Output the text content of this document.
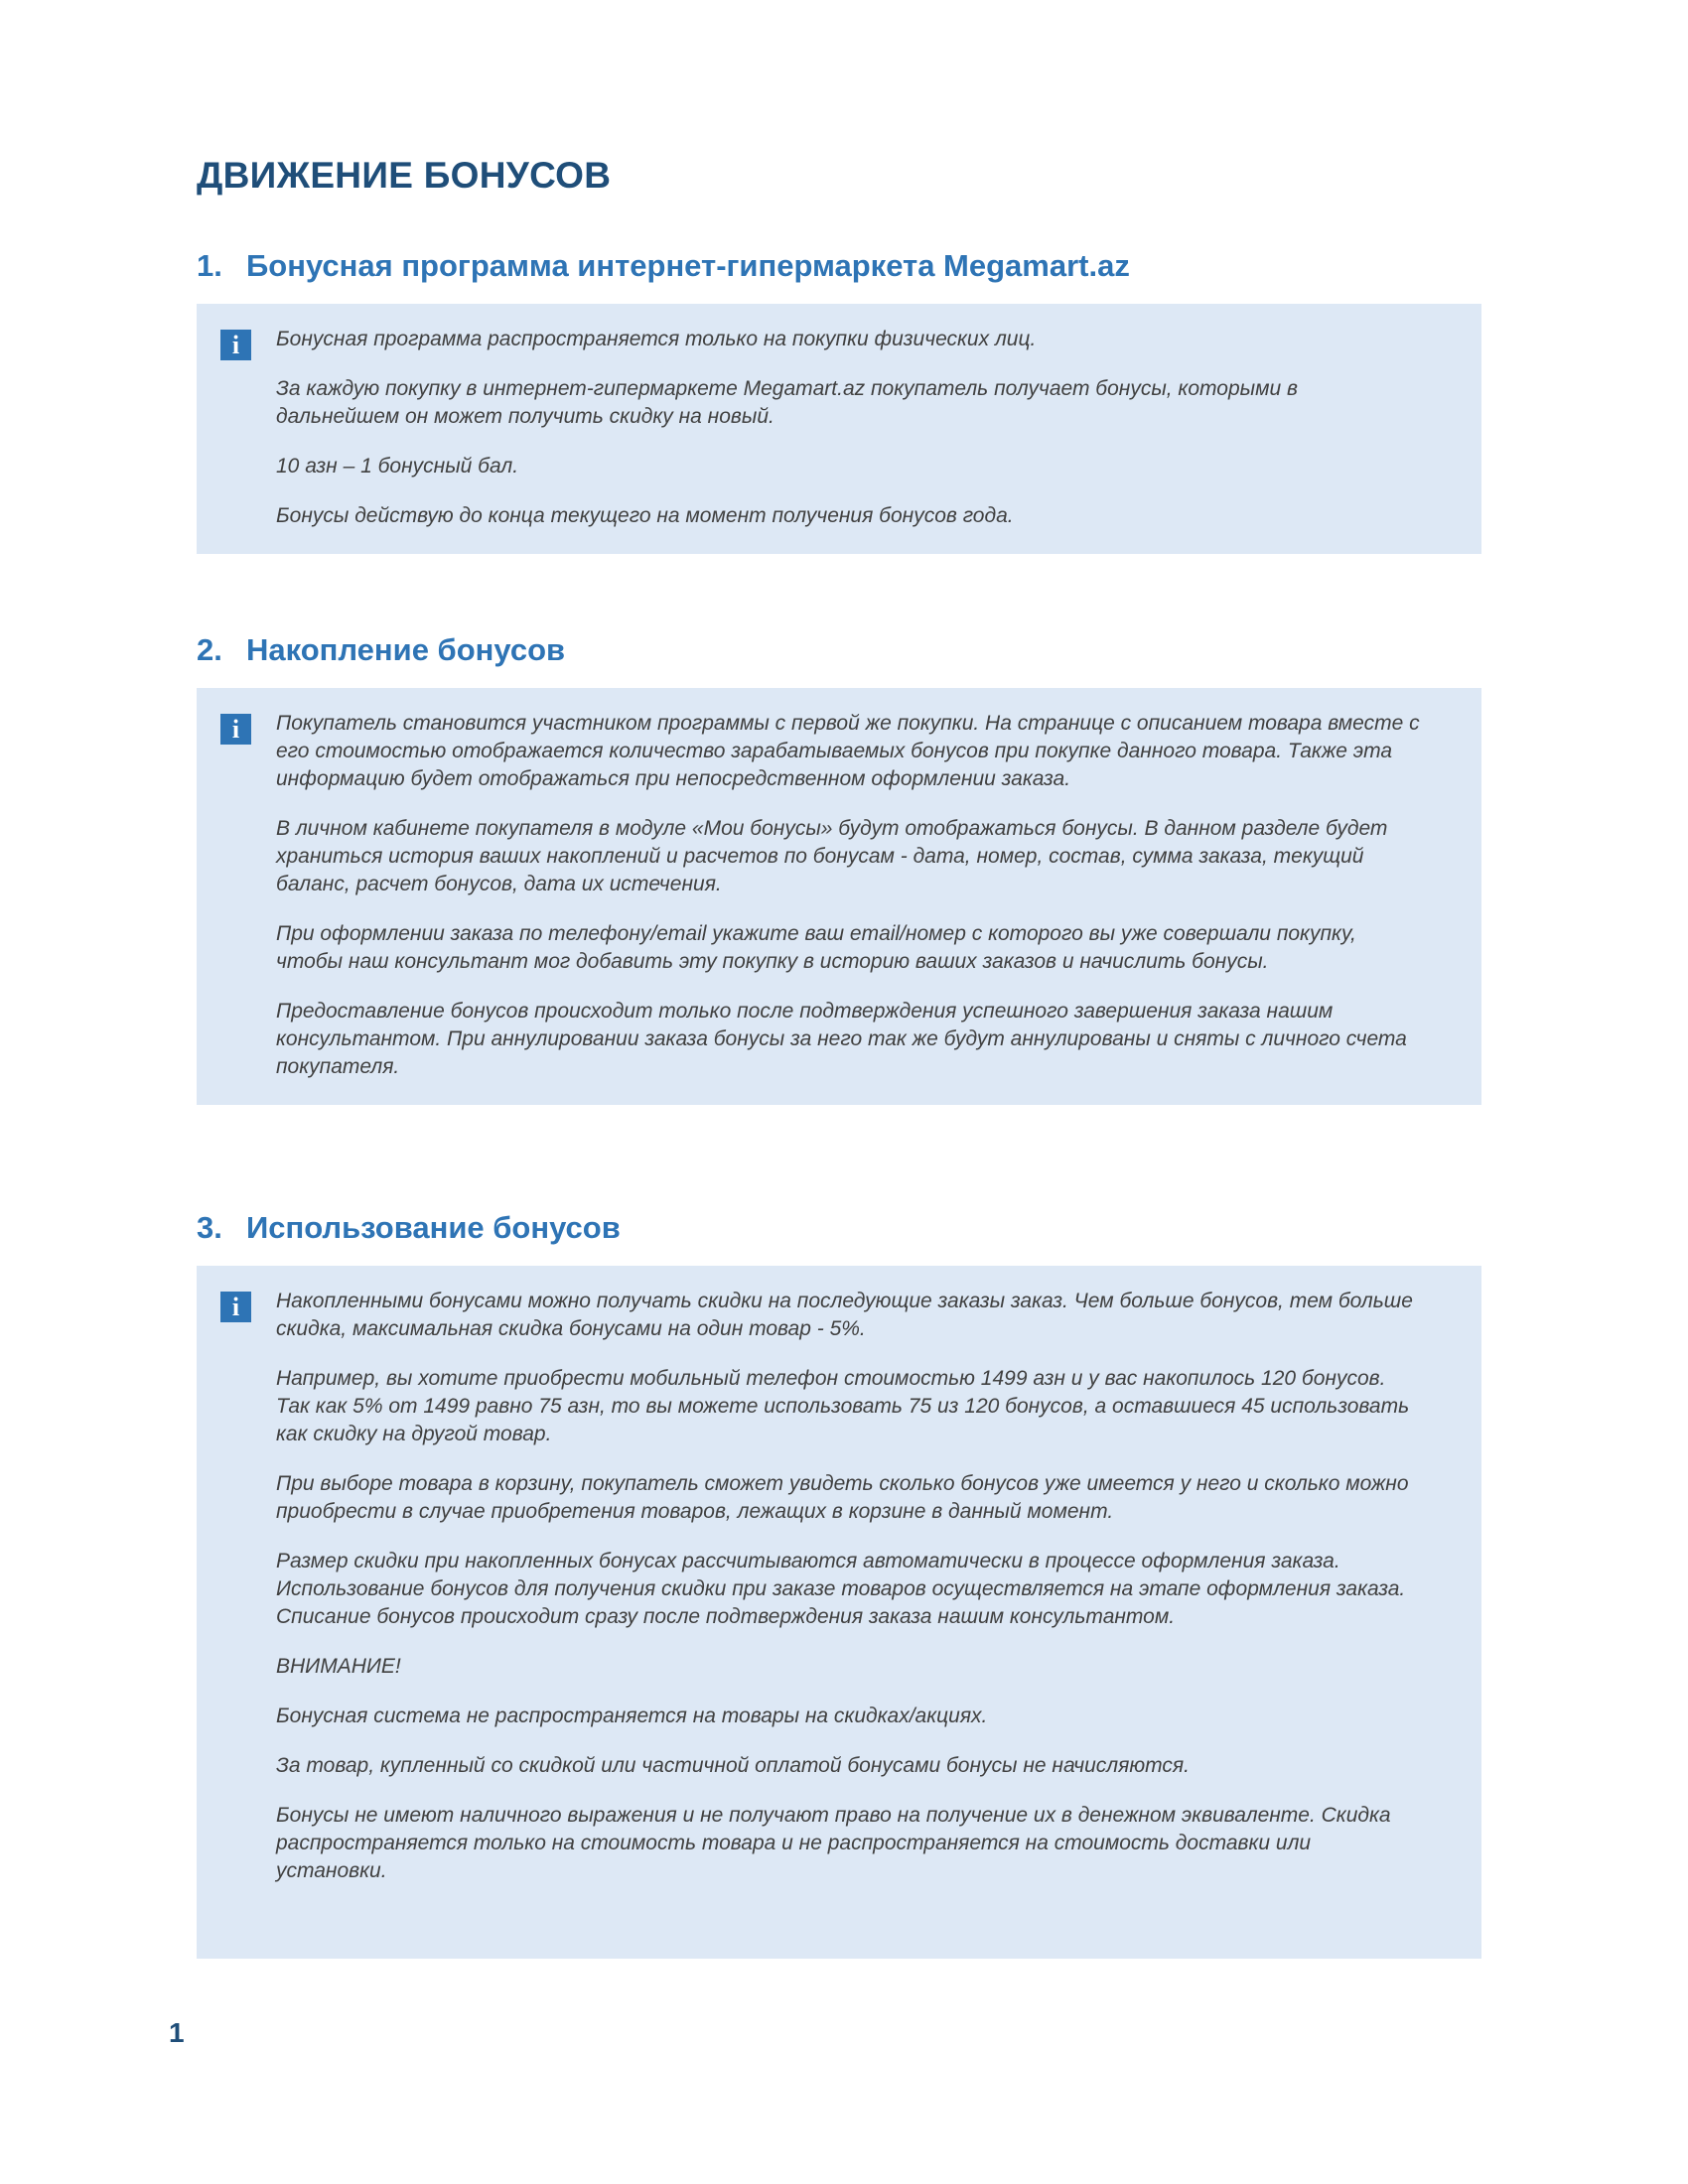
ДВИЖЕНИЕ БОНУСОВ
1. Бонусная программа интернет-гипермаркета Megamart.az
i	Бонусная программа распространяется только на покупки физических лиц.

За каждую покупку в интернет-гипермаркете Megamart.az покупатель получает бонусы, которыми в дальнейшем он может получить скидку на новый.

10 азн – 1 бонусный бал.

Бонусы действую до конца текущего на момент получения бонусов года.

2. Накопление бонусов
i	Покупатель становится участником программы с первой же покупки. На странице с описанием товара вместе с его стоимостью отображается количество зарабатываемых бонусов при покупке данного товара. Также эта информацию будет отображаться при непосредственном оформлении заказа.

В личном кабинете покупателя в модуле «Мои бонусы» будут отображаться бонусы. В данном разделе будет храниться история ваших накоплений и расчетов по бонусам - дата, номер, состав, сумма заказа, текущий баланс, расчет бонусов, дата их истечения.

При оформлении заказа по телефону/email укажите ваш email/номер с которого вы уже совершали покупку, чтобы наш консультант мог добавить эту покупку в историю ваших заказов и начислить бонусы.

Предоставление бонусов происходит только после подтверждения успешного завершения заказа нашим консультантом. При аннулировании заказа бонусы за него так же будут аннулированы и сняты с личного счета покупателя.

3. Использование бонусов
i	Накопленными бонусами можно получать скидки на последующие заказы заказ. Чем больше бонусов, тем больше скидка, максимальная скидка бонусами на один товар - 5%.

Например, вы хотите приобрести мобильный телефон стоимостью 1499 азн и у вас накопилось 120 бонусов. Так как 5% от 1499 равно 75 азн, то вы можете использовать 75 из 120 бонусов, а оставшиеся 45 использовать как скидку на другой товар.

При выборе товара в корзину, покупатель сможет увидеть сколько бонусов уже имеется у него и сколько можно приобрести в случае приобретения товаров, лежащих в корзине в данный момент.

Размер скидки при накопленных бонусах рассчитываются автоматически в процессе оформления заказа. Использование бонусов для получения скидки при заказе товаров осуществляется на этапе оформления заказа. Списание бонусов происходит сразу после подтверждения заказа нашим консультантом.

ВНИМАНИЕ!

Бонусная система не распространяется на товары на скидках/акциях.

За товар, купленный со скидкой или частичной оплатой бонусами бонусы не начисляются.

Бонусы не имеют наличного выражения и не получают право на получение их в денежном эквиваленте. Скидка распространяется только на стоимость товара и не распространяется на стоимость доставки или установки.

1
